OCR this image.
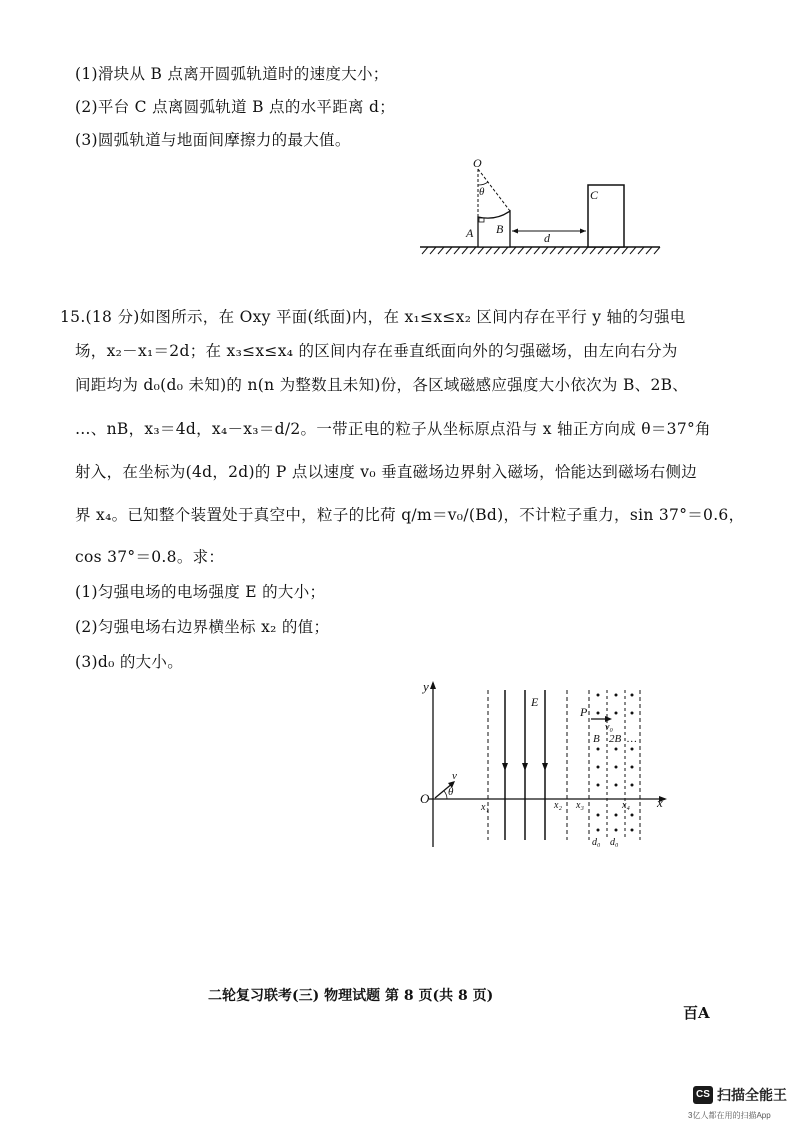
(1)滑块从 B 点离开圆弧轨道时的速度大小；
(2)平台 C 点离圆弧轨道 B 点的水平距离 d；
(3)圆弧轨道与地面间摩擦力的最大值。
O
θ
A B
C
d
15.(18 分)如图所示，在 Oxy 平面(纸面)内，在 x₁≤x≤x₂ 区间内存在平行 y 轴的匀强电
场，x₂－x₁＝2d；在 x₃≤x≤x₄ 的区间内存在垂直纸面向外的匀强磁场，由左向右分为
间距均为 d₀(d₀ 未知)的 n(n 为整数且未知)份，各区域磁感应强度大小依次为 B、2B、
…、nB，x₃＝4d，x₄－x₃＝d/2。一带正电的粒子从坐标原点沿与 x 轴正方向成 θ＝37°角
射入，在坐标为(4d，2d)的 P 点以速度 v₀ 垂直磁场边界射入磁场，恰能达到磁场右侧边
界 x₄。已知整个装置处于真空中，粒子的比荷 q/m＝v₀/(Bd)，不计粒子重力，sin 37°＝0.6，
cos 37°＝0.8。求：
(1)匀强电场的电场强度 E 的大小；
(2)匀强电场右边界横坐标 x₂ 的值；
(3)d₀ 的大小。
y
x
O
v
θ
E
x₁	x₂ x₃	x₄
P
v₀
B 2B …
d₀ d₀
二轮复习联考(三) 物理试题 第 8 页(共 8 页)
百A
CS 扫描全能王
3亿人都在用的扫描App
